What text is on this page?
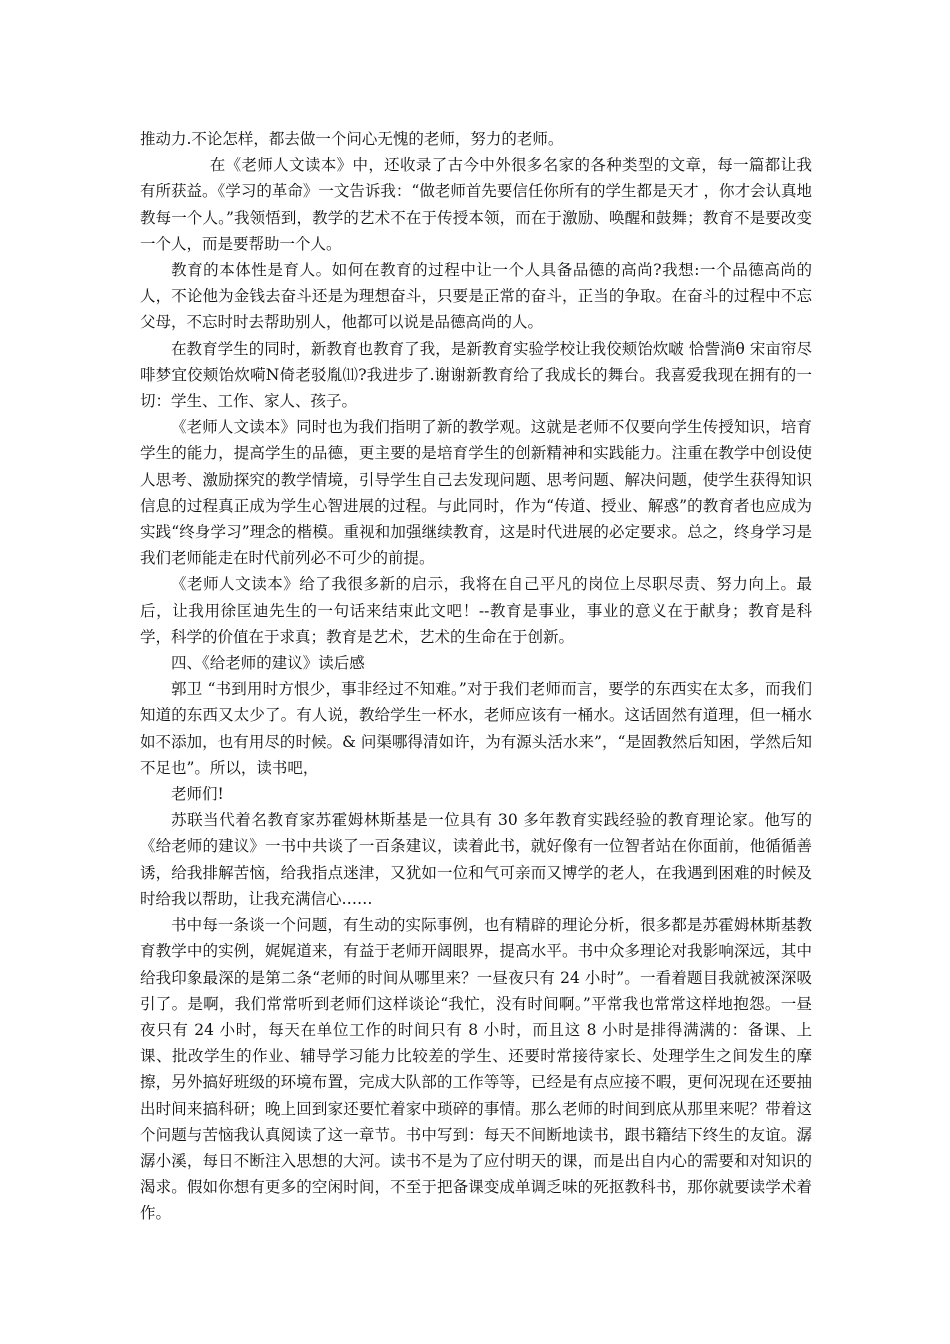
推动力.不论怎样，都去做一个问心无愧的老师，努力的老师。

在《老师人文读本》中，还收录了古今中外很多名家的各种类型的文章，每一篇都让我有所获益。《学习的革命》一文告诉我：“做老师首先要信任你所有的学生都是天才 ，你才会认真地教每一个人。”我领悟到，教学的艺术不在于传授本领，而在于激励、唤醒和鼓舞；教育不是要改变一个人，而是要帮助一个人。

教育的本体性是育人。如何在教育的过程中让一个人具备品德的高尚?我想:一个品德高尚的人，不论他为金钱去奋斗还是为理想奋斗，只要是正常的奋斗，正当的争取。在奋斗的过程中不忘父母，不忘时时去帮助别人，他都可以说是品德高尚的人。

在教育学生的同时，新教育也教育了我，是新教育实验学校让我佼颊饴炊啵 恰訾淌θ 宋亩帘尽啡梦宜佼颊饴炊嗬Ν倚老驳胤⑾?我进步了.谢谢新教育给了我成长的舞台。我喜爱我现在拥有的一切：学生、工作、家人、孩子。

《老师人文读本》同时也为我们指明了新的教学观。这就是老师不仅要向学生传授知识，培育学生的能力，提高学生的品德，更主要的是培育学生的创新精神和实践能力。注重在教学中创设使人思考、激励探究的教学情境，引导学生自己去发现问题、思考问题、解决问题，使学生获得知识信息的过程真正成为学生心智进展的过程。与此同时，作为“传道、授业、解惑”的教育者也应成为实践“终身学习”理念的楷模。重视和加强继续教育，这是时代进展的必定要求。总之，终身学习是我们老师能走在时代前列必不可少的前提。

《老师人文读本》给了我很多新的启示，我将在自己平凡的岗位上尽职尽责、努力向上。最后，让我用徐匡迪先生的一句话来结束此文吧！--教育是事业，事业的意义在于献身；教育是科学，科学的价值在于求真；教育是艺术，艺术的生命在于创新。

四、《给老师的建议》读后感

郭卫 “书到用时方恨少，事非经过不知难。”对于我们老师而言，要学的东西实在太多，而我们知道的东西又太少了。有人说，教给学生一杯水，老师应该有一桶水。这话固然有道理，但一桶水如不添加，也有用尽的时候。& 问渠哪得清如许，为有源头活水来”，“是固教然后知困，学然后知不足也”。所以，读书吧，

老师们!

苏联当代着名教育家苏霍姆林斯基是一位具有 30 多年教育实践经验的教育理论家。他写的《给老师的建议》一书中共谈了一百条建议，读着此书，就好像有一位智者站在你面前，他循循善诱，给我排解苦恼，给我指点迷津，又犹如一位和气可亲而又博学的老人，在我遇到困难的时候及时给我以帮助，让我充满信心……

书中每一条谈一个问题，有生动的实际事例，也有精辟的理论分析，很多都是苏霍姆林斯基教育教学中的实例，娓娓道来，有益于老师开阔眼界，提高水平。书中众多理论对我影响深远，其中给我印象最深的是第二条“老师的时间从哪里来？一昼夜只有 24 小时”。一看着题目我就被深深吸引了。是啊，我们常常听到老师们这样谈论“我忙，没有时间啊。”平常我也常常这样地抱怨。一昼夜只有 24 小时，每天在单位工作的时间只有 8 小时，而且这 8 小时是排得满满的：备课、上课、批改学生的作业、辅导学习能力比较差的学生、还要时常接待家长、处理学生之间发生的摩擦，另外搞好班级的环境布置，完成大队部的工作等等，已经是有点应接不暇，更何况现在还要抽出时间来搞科研；晚上回到家还要忙着家中琐碎的事情。那么老师的时间到底从那里来呢？带着这个问题与苦恼我认真阅读了这一章节。书中写到：每天不间断地读书，跟书籍结下终生的友谊。潺潺小溪，每日不断注入思想的大河。读书不是为了应付明天的课，而是出自内心的需要和对知识的渴求。假如你想有更多的空闲时间，不至于把备课变成单调乏味的死抠教科书，那你就要读学术着作。
